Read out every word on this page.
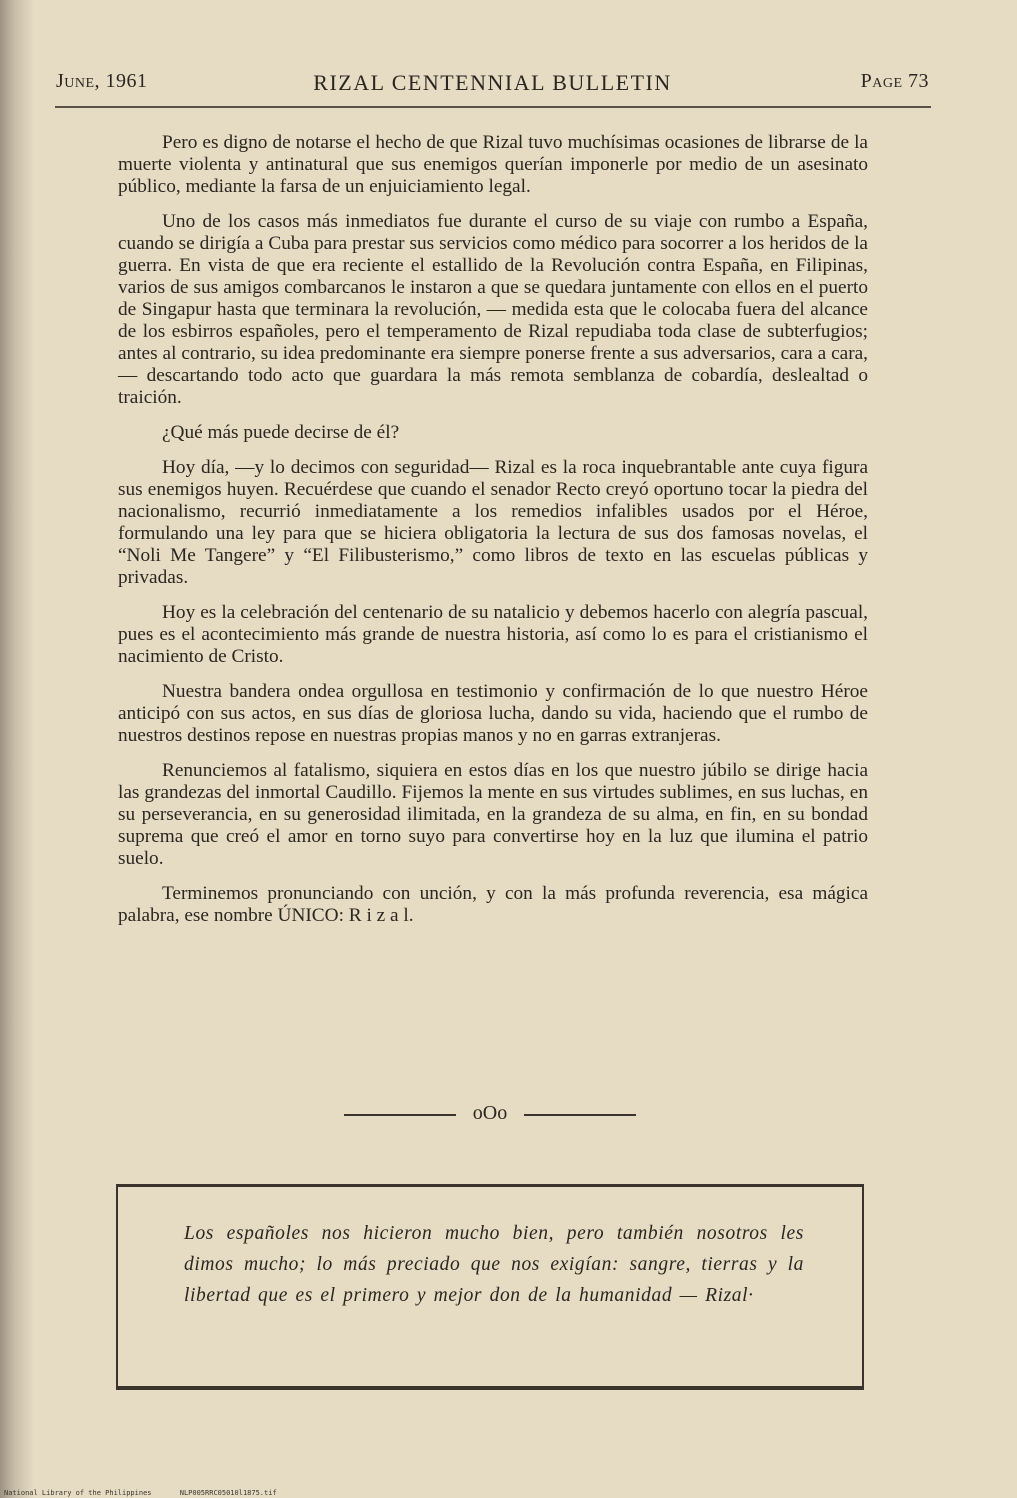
June, 1961	RIZAL CENTENNIAL BULLETIN	Page 73

Pero es digno de notarse el hecho de que Rizal tuvo muchísimas ocasiones de librarse de la muerte violenta y antinatural que sus enemigos querían imponerle por medio de un asesinato público, mediante la farsa de un enjuiciamiento legal.

Uno de los casos más inmediatos fue durante el curso de su viaje con rumbo a España, cuando se dirigía a Cuba para prestar sus servicios como médico para socorrer a los heridos de la guerra. En vista de que era reciente el estallido de la Revolución contra España, en Filipinas, varios de sus amigos combarcanos le instaron a que se quedara juntamente con ellos en el puerto de Singapur hasta que terminara la revolución, — medida esta que le colocaba fuera del alcance de los esbirros españoles, pero el temperamento de Rizal repudiaba toda clase de subterfugios; antes al contrario, su idea predominante era siempre ponerse frente a sus adversarios, cara a cara, — descartando todo acto que guardara la más remota semblanza de cobardía, deslealtad o traición.

¿Qué más puede decirse de él?

Hoy día, —y lo decimos con seguridad— Rizal es la roca inquebrantable ante cuya figura sus enemigos huyen. Recuérdese que cuando el senador Recto creyó oportuno tocar la piedra del nacionalismo, recurrió inmediatamente a los remedios infalibles usados por el Héroe, formulando una ley para que se hiciera obligatoria la lectura de sus dos famosas novelas, el “Noli Me Tangere” y “El Filibusterismo,” como libros de texto en las escuelas públicas y privadas.

Hoy es la celebración del centenario de su natalicio y debemos hacerlo con alegría pascual, pues es el acontecimiento más grande de nuestra historia, así como lo es para el cristianismo el nacimiento de Cristo.

Nuestra bandera ondea orgullosa en testimonio y confirmación de lo que nuestro Héroe anticipó con sus actos, en sus días de gloriosa lucha, dando su vida, haciendo que el rumbo de nuestros destinos repose en nuestras propias manos y no en garras extranjeras.

Renunciemos al fatalismo, siquiera en estos días en los que nuestro júbilo se dirige hacia las grandezas del inmortal Caudillo. Fijemos la mente en sus virtudes sublimes, en sus luchas, en su perseverancia, en su generosidad ilimitada, en la grandeza de su alma, en fin, en su bondad suprema que creó el amor en torno suyo para convertirse hoy en la luz que ilumina el patrio suelo.

Terminemos pronunciando con unción, y con la más profunda reverencia, esa mágica palabra, ese nombre ÚNICO: R i z a l.

oOo

Los españoles nos hicieron mucho bien, pero también nosotros les dimos mucho; lo más preciado que nos exigían: sangre, tierras y la libertad que es el primero y mejor don de la humanidad — Rizal·

National Library of the Philippines	NLP005RRC05010l1875.tif
